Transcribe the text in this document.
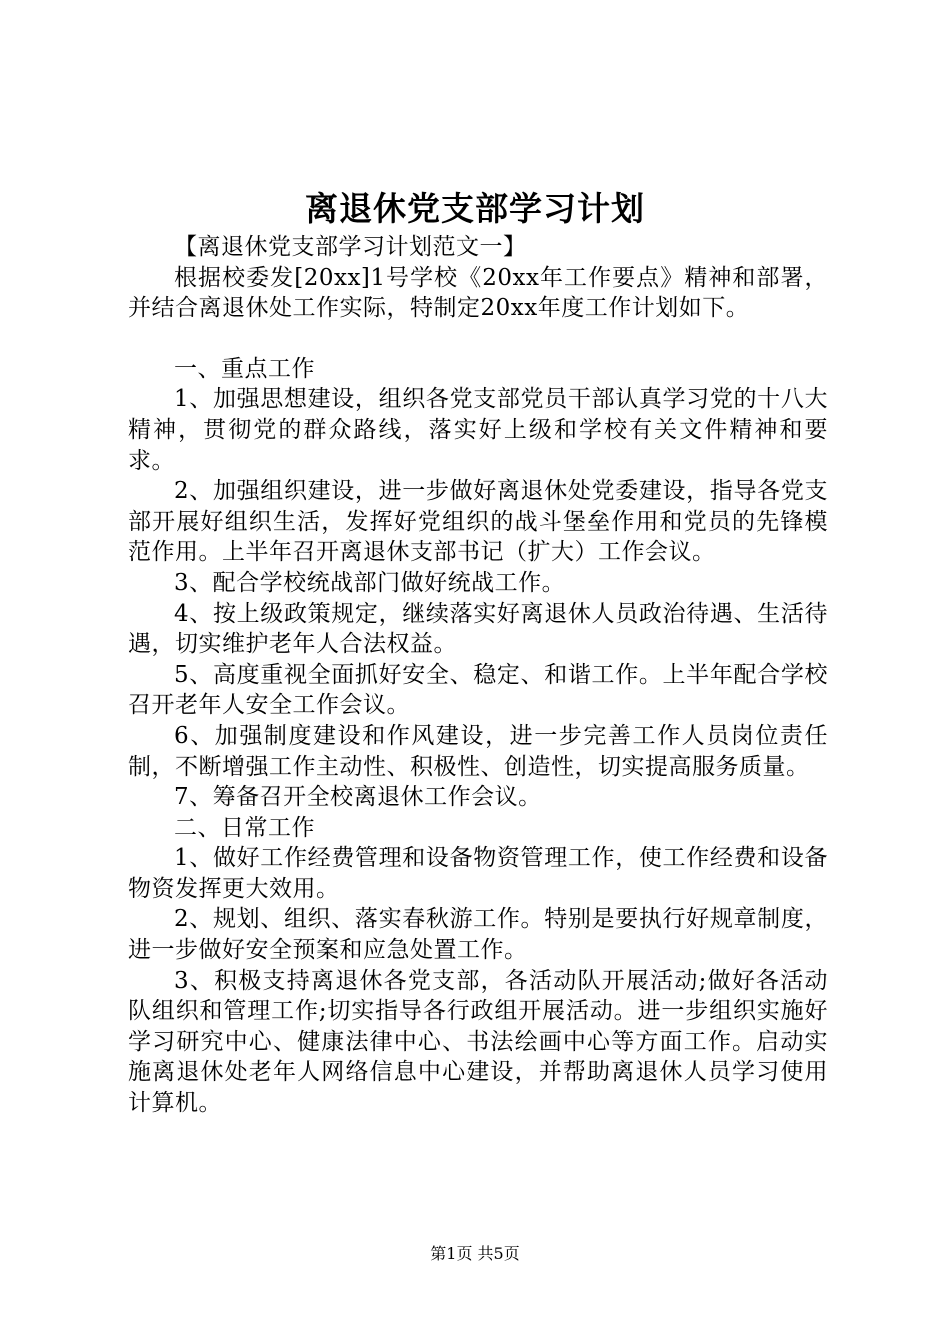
离退休党支部学习计划

【离退休党支部学习计划范文一】

根据校委发[20xx]1号学校《20xx年工作要点》精神和部署，并结合离退休处工作实际，特制定20xx年度工作计划如下。

一、重点工作

1、加强思想建设，组织各党支部党员干部认真学习党的十八大精神，贯彻党的群众路线，落实好上级和学校有关文件精神和要求。

2、加强组织建设，进一步做好离退休处党委建设，指导各党支部开展好组织生活，发挥好党组织的战斗堡垒作用和党员的先锋模范作用。上半年召开离退休支部书记（扩大）工作会议。

3、配合学校统战部门做好统战工作。

4、按上级政策规定，继续落实好离退休人员政治待遇、生活待遇，切实维护老年人合法权益。

5、高度重视全面抓好安全、稳定、和谐工作。上半年配合学校召开老年人安全工作会议。

6、加强制度建设和作风建设，进一步完善工作人员岗位责任制，不断增强工作主动性、积极性、创造性，切实提高服务质量。

7、筹备召开全校离退休工作会议。

二、日常工作

1、做好工作经费管理和设备物资管理工作，使工作经费和设备物资发挥更大效用。

2、规划、组织、落实春秋游工作。特别是要执行好规章制度，进一步做好安全预案和应急处置工作。

3、积极支持离退休各党支部，各活动队开展活动;做好各活动队组织和管理工作;切实指导各行政组开展活动。进一步组织实施好学习研究中心、健康法律中心、书法绘画中心等方面工作。启动实施离退休处老年人网络信息中心建设，并帮助离退休人员学习使用计算机。

第1页 共5页
